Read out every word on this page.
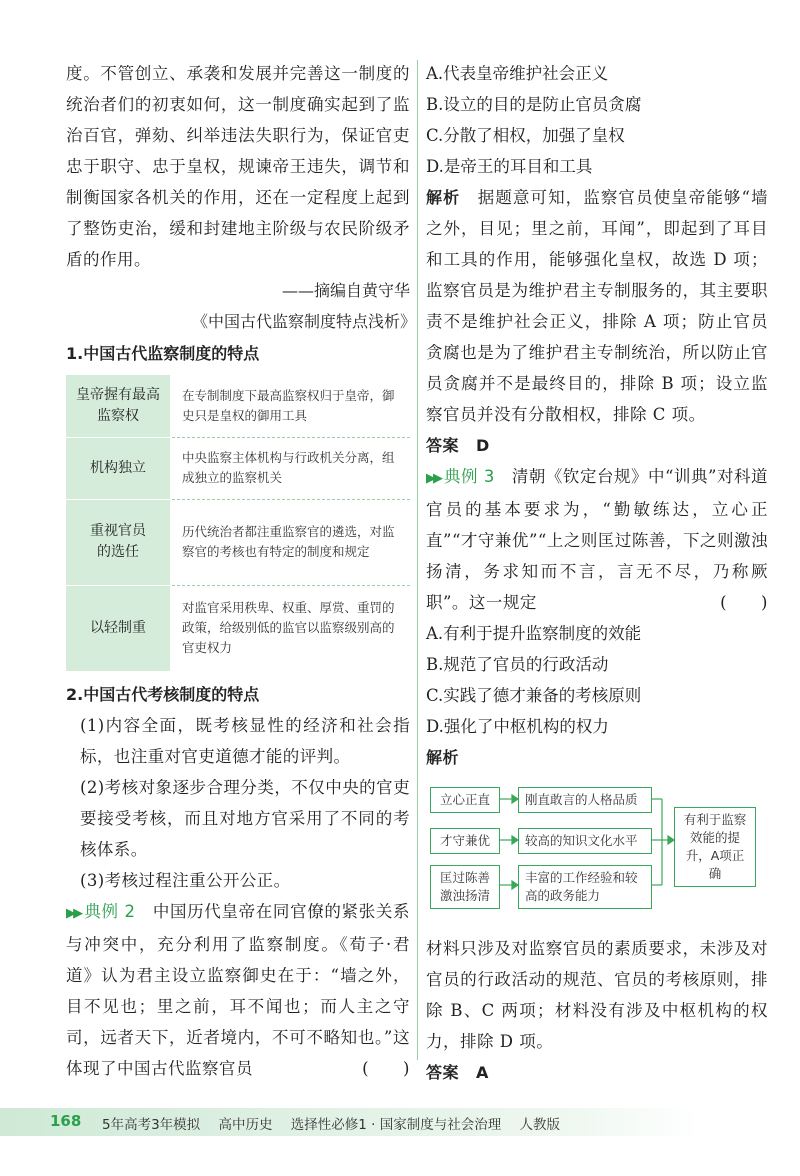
度。不管创立、承袭和发展并完善这一制度的统治者们的初衷如何，这一制度确实起到了监治百官，弹劾、纠举违法失职行为，保证官吏忠于职守、忠于皇权，规谏帝王违失，调节和制衡国家各机关的作用，还在一定程度上起到了整饬吏治，缓和封建地主阶级与农民阶级矛盾的作用。

——摘编自黄守华

《中国古代监察制度特点浅析》

1.中国古代监察制度的特点
皇帝握有最高监察权	在专制制度下最高监察权归于皇帝，御史只是皇权的御用工具
机构独立	中央监察主体机构与行政机关分离，组成独立的监察机关
重视官员的选任	历代统治者都注重监察官的遴选，对监察官的考核也有特定的制度和规定
以轻制重	对监官采用秩卑、权重、厚赏、重罚的政策，给级别低的监官以监察级别高的官吏权力
2.中国古代考核制度的特点

(1)内容全面，既考核显性的经济和社会指标，也注重对官吏道德才能的评判。

(2)考核对象逐步合理分类，不仅中央的官吏要接受考核，而且对地方官采用了不同的考核体系。

(3)考核过程注重公开公正。

▶▶ 典例 2　 中国历代皇帝在同官僚的紧张关系与冲突中，充分利用了监察制度。《荀子·君道》认为君主设立监察御史在于：“墙之外，目不见也；里之前，耳不闻也；而人主之守司，远者天下，近者境内，不可不略知也。”这体现了中国古代监察官员	(　　)

A.代表皇帝维护社会正义

B.设立的目的是防止官员贪腐

C.分散了相权，加强了皇权

D.是帝王的耳目和工具

解析　 据题意可知，监察官员使皇帝能够“墙之外，目见；里之前，耳闻”，即起到了耳目和工具的作用，能够强化皇权，故选 D 项；监察官员是为维护君主专制服务的，其主要职责不是维护社会正义，排除 A 项；防止官员贪腐也是为了维护君主专制统治，所以防止官员贪腐并不是最终目的，排除 B 项；设立监察官员并没有分散相权，排除 C 项。

答案　 D

▶▶ 典例 3　 清朝《钦定台规》中“训典”对科道官员的基本要求为，“勤敏练达，立心正直”“才守兼优”“上之则匡过陈善，下之则激浊扬清，务求知而不言，言无不尽，乃称厥职”。这一规定	(　　)

A.有利于提升监察制度的效能

B.规范了官员的行政活动

C.实践了德才兼备的考核原则

D.强化了中枢机构的权力

解析

立心正直
才守兼优
匡过陈善激浊扬清
刚直敢言的人格品质
较高的知识文化水平
丰富的工作经验和较高的政务能力
有利于监察效能的提升，A项正确

材料只涉及对监察官员的素质要求，未涉及对官员的行政活动的规范、官员的考核原则，排除 B、C 两项；材料没有涉及中枢机构的权力，排除 D 项。

答案　 A

168 5年高考3年模拟 高中历史 选择性必修1 · 国家制度与社会治理 人教版
